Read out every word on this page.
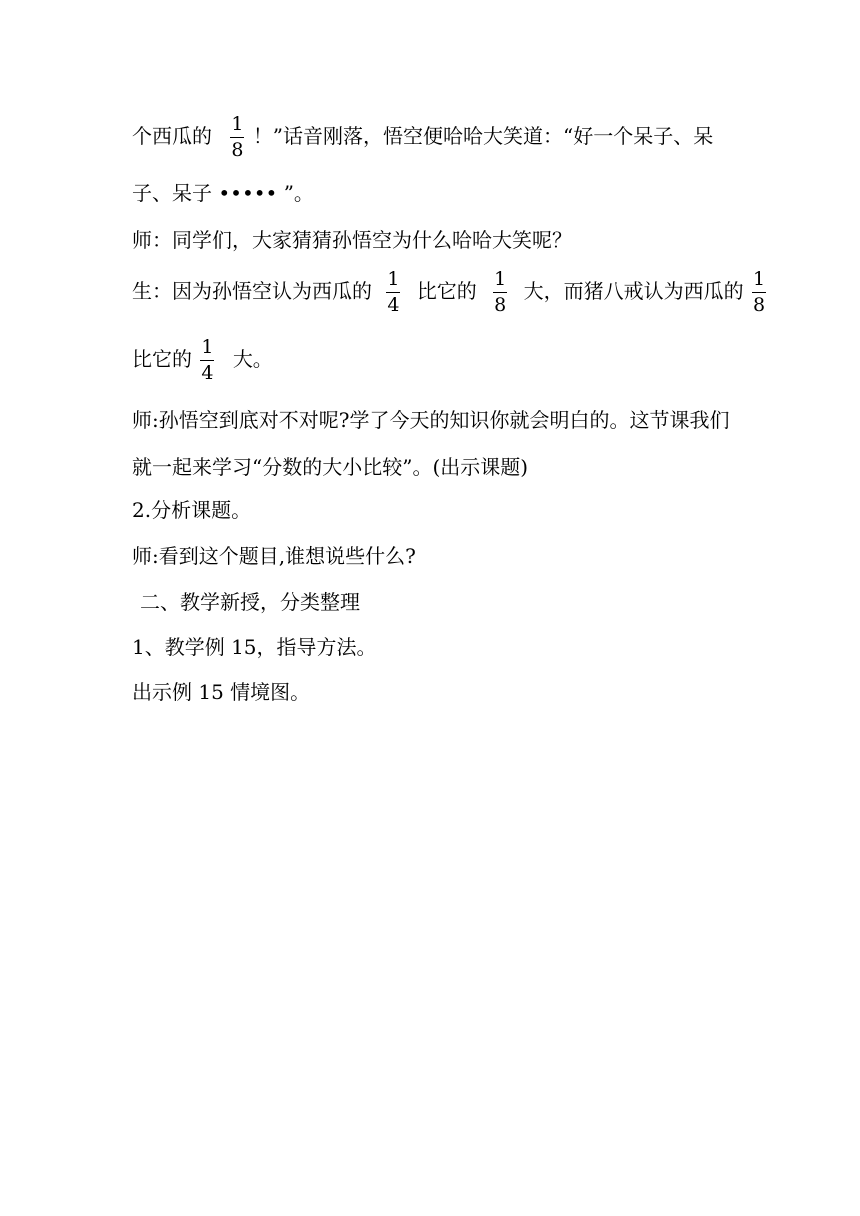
个西瓜的 $\frac{1}{8}$ ！”话音刚落，悟空便哈哈大笑道：“好一个呆子、呆
子、呆子 ••••• ”。
师：同学们，大家猜猜孙悟空为什么哈哈大笑呢？
生：因为孙悟空认为西瓜的 $\frac{1}{4}$ 比它的 $\frac{1}{8}$ 大，而猪八戒认为西瓜的 $\frac{1}{8}$
比它的 $\frac{1}{4}$ 大。
师:孙悟空到底对不对呢?学了今天的知识你就会明白的。这节课我们
就一起来学习“分数的大小比较”。(出示课题)
2.分析课题。
师:看到这个题目,谁想说些什么?
二、教学新授，分类整理
1、教学例 15，指导方法。
出示例 15 情境图。
